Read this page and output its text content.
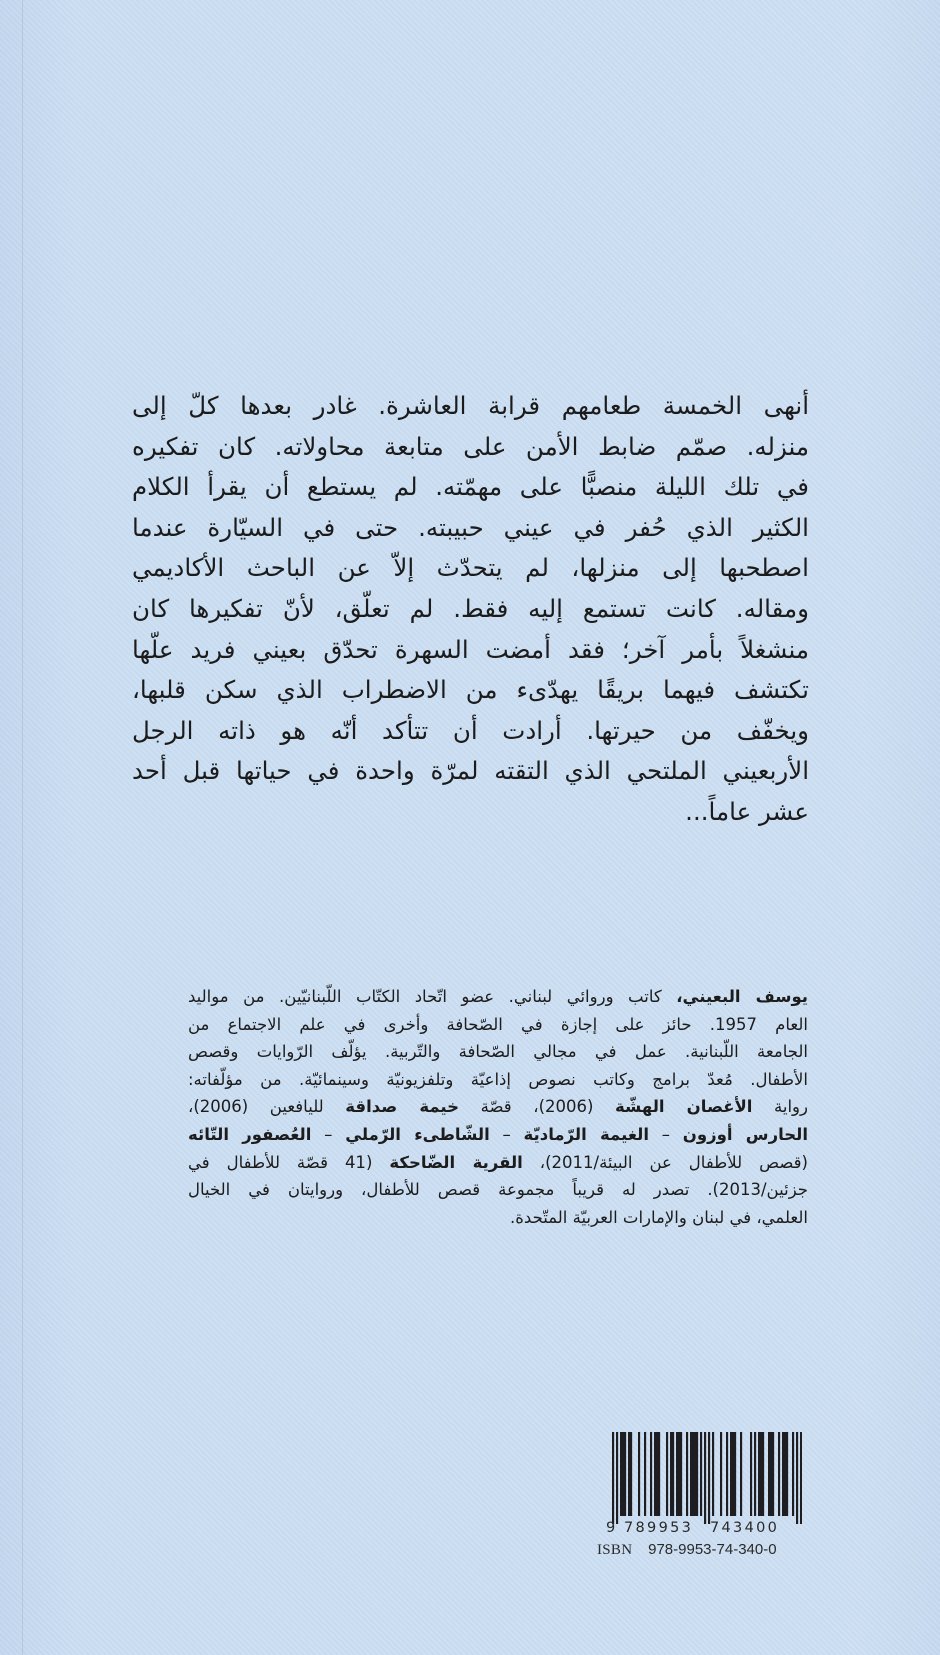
أنهى الخمسة طعامهم قرابة العاشرة. غادر بعدها كلّ إلى
منزله. صمّم ضابط الأمن على متابعة محاولاته. كان تفكيره
في تلك الليلة منصبًّا على مهمّته. لم يستطع أن يقرأ الكلام
الكثير الذي حُفر في عيني حبيبته. حتى في السيّارة عندما
اصطحبها إلى منزلها، لم يتحدّث إلاّ عن الباحث الأكاديمي
ومقاله. كانت تستمع إليه فقط. لم تعلّق، لأنّ تفكيرها كان
منشغلاً بأمر آخر؛ فقد أمضت السهرة تحدّق بعيني فريد علّها
تكتشف فيهما بريقًا يهدّىء من الاضطراب الذي سكن قلبها،
ويخفّف من حيرتها. أرادت أن تتأكد أنّه هو ذاته الرجل
الأربعيني الملتحي الذي التقته لمرّة واحدة في حياتها قبل أحد
عشر عاماً...
يوسف البعيني، كاتب وروائي لبناني. عضو اتّحاد الكتّاب اللّبنانيّين. من مواليد
العام 1957. حائز على إجازة في الصّحافة وأخرى في علم الاجتماع من
الجامعة اللّبنانية. عمل في مجالي الصّحافة والتّربية. يؤلّف الرّوايات وقصص
الأطفال. مُعدّ برامج وكاتب نصوص إذاعيّة وتلفزيونيّة وسينمائيّة. من مؤلّفاته:
رواية الأغصان الهشّة (2006)، قصّة خيمة صداقة لليافعين (2006)،
الحارس أوزون – الغيمة الرّماديّة – الشّاطىء الرّملي – العُصفور التّائه
(قصص للأطفال عن البيئة/2011)، القرية الضّاحكة (41 قصّة للأطفال في
جزئين/2013). تصدر له قريباً مجموعة قصص للأطفال، وروايتان في الخيال
العلمي، في لبنان والإمارات العربيّة المتّحدة.
9 789953 743400
ISBN 978-9953-74-340-0
